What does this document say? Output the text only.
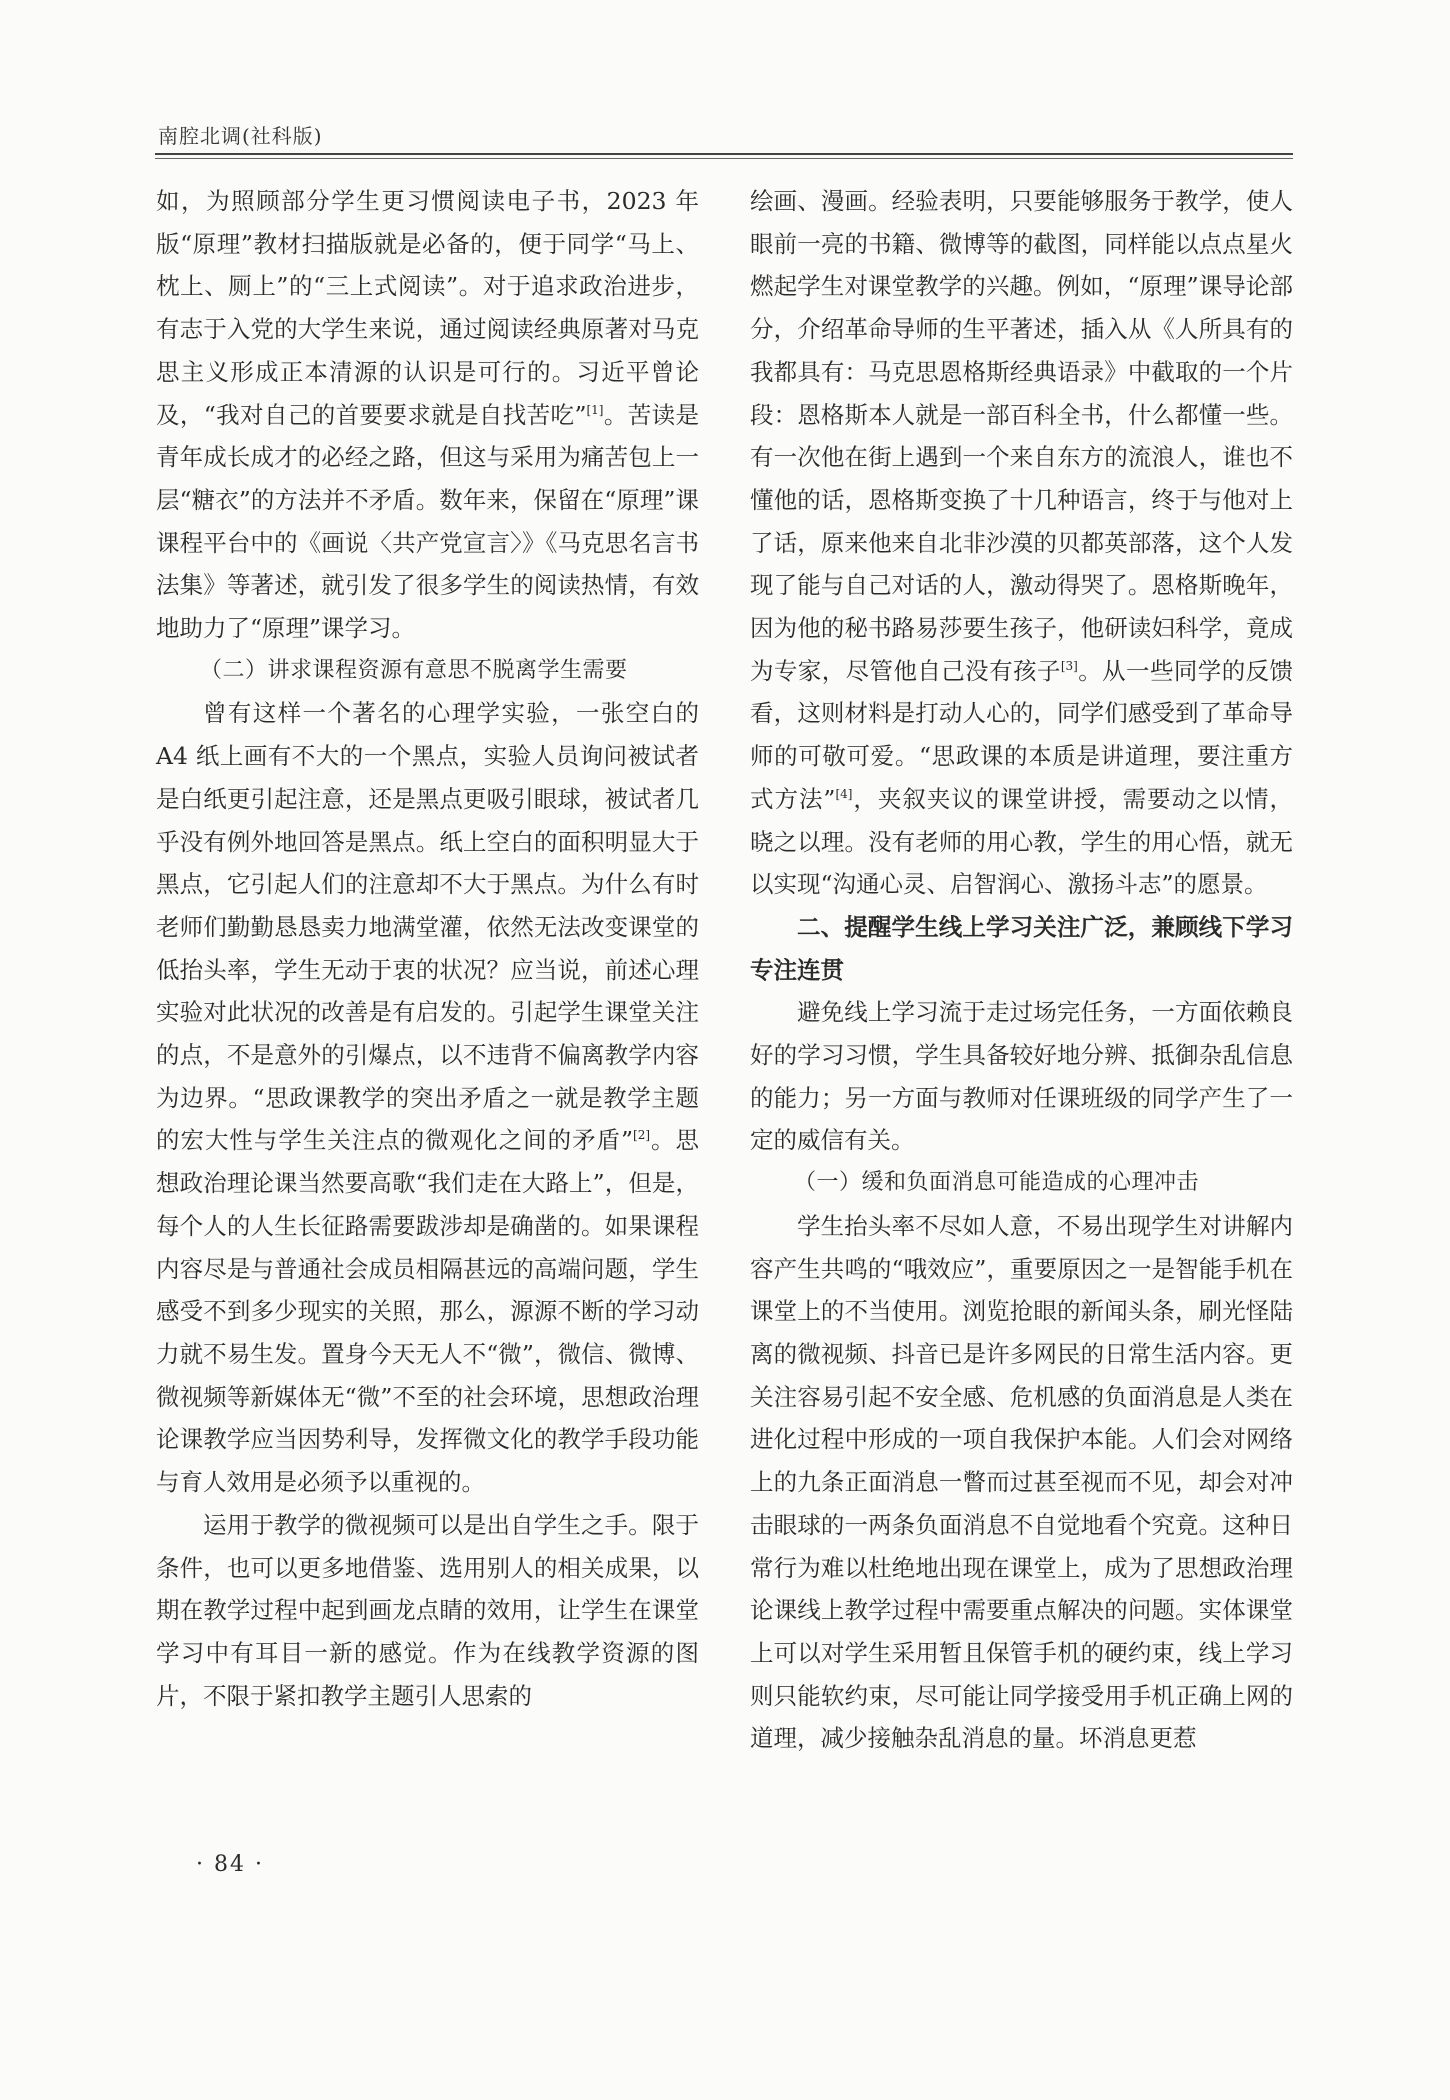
南腔北调(社科版)

如，为照顾部分学生更习惯阅读电子书，2023 年版“原理”教材扫描版就是必备的，便于同学“马上、枕上、厕上”的“三上式阅读”。对于追求政治进步，有志于入党的大学生来说，通过阅读经典原著对马克思主义形成正本清源的认识是可行的。习近平曾论及，“我对自己的首要要求就是自找苦吃”[1]。苦读是青年成长成才的必经之路，但这与采用为痛苦包上一层“糖衣”的方法并不矛盾。数年来，保留在“原理”课课程平台中的《画说〈共产党宣言〉》《马克思名言书法集》等著述，就引发了很多学生的阅读热情，有效地助力了“原理”课学习。

（二）讲求课程资源有意思不脱离学生需要

曾有这样一个著名的心理学实验，一张空白的 A4 纸上画有不大的一个黑点，实验人员询问被试者是白纸更引起注意，还是黑点更吸引眼球，被试者几乎没有例外地回答是黑点。纸上空白的面积明显大于黑点，它引起人们的注意却不大于黑点。为什么有时老师们勤勤恳恳卖力地满堂灌，依然无法改变课堂的低抬头率，学生无动于衷的状况？应当说，前述心理实验对此状况的改善是有启发的。引起学生课堂关注的点，不是意外的引爆点，以不违背不偏离教学内容为边界。“思政课教学的突出矛盾之一就是教学主题的宏大性与学生关注点的微观化之间的矛盾”[2]。思想政治理论课当然要高歌“我们走在大路上”，但是，每个人的人生长征路需要跋涉却是确凿的。如果课程内容尽是与普通社会成员相隔甚远的高端问题，学生感受不到多少现实的关照，那么，源源不断的学习动力就不易生发。置身今天无人不“微”，微信、微博、微视频等新媒体无“微”不至的社会环境，思想政治理论课教学应当因势利导，发挥微文化的教学手段功能与育人效用是必须予以重视的。

运用于教学的微视频可以是出自学生之手。限于条件，也可以更多地借鉴、选用别人的相关成果，以期在教学过程中起到画龙点睛的效用，让学生在课堂学习中有耳目一新的感觉。作为在线教学资源的图片，不限于紧扣教学主题引人思索的

绘画、漫画。经验表明，只要能够服务于教学，使人眼前一亮的书籍、微博等的截图，同样能以点点星火燃起学生对课堂教学的兴趣。例如，“原理”课导论部分，介绍革命导师的生平著述，插入从《人所具有的我都具有：马克思恩格斯经典语录》中截取的一个片段：恩格斯本人就是一部百科全书，什么都懂一些。有一次他在街上遇到一个来自东方的流浪人，谁也不懂他的话，恩格斯变换了十几种语言，终于与他对上了话，原来他来自北非沙漠的贝都英部落，这个人发现了能与自己对话的人，激动得哭了。恩格斯晚年，因为他的秘书路易莎要生孩子，他研读妇科学，竟成为专家，尽管他自己没有孩子[3]。从一些同学的反馈看，这则材料是打动人心的，同学们感受到了革命导师的可敬可爱。“思政课的本质是讲道理，要注重方式方法”[4]，夹叙夹议的课堂讲授，需要动之以情，晓之以理。没有老师的用心教，学生的用心悟，就无以实现“沟通心灵、启智润心、激扬斗志”的愿景。

二、提醒学生线上学习关注广泛，兼顾线下学习专注连贯

避免线上学习流于走过场完任务，一方面依赖良好的学习习惯，学生具备较好地分辨、抵御杂乱信息的能力；另一方面与教师对任课班级的同学产生了一定的威信有关。

（一）缓和负面消息可能造成的心理冲击

学生抬头率不尽如人意，不易出现学生对讲解内容产生共鸣的“哦效应”，重要原因之一是智能手机在课堂上的不当使用。浏览抢眼的新闻头条，刷光怪陆离的微视频、抖音已是许多网民的日常生活内容。更关注容易引起不安全感、危机感的负面消息是人类在进化过程中形成的一项自我保护本能。人们会对网络上的九条正面消息一瞥而过甚至视而不见，却会对冲击眼球的一两条负面消息不自觉地看个究竟。这种日常行为难以杜绝地出现在课堂上，成为了思想政治理论课线上教学过程中需要重点解决的问题。实体课堂上可以对学生采用暂且保管手机的硬约束，线上学习则只能软约束，尽可能让同学接受用手机正确上网的道理，减少接触杂乱消息的量。坏消息更惹

· 84 ·
